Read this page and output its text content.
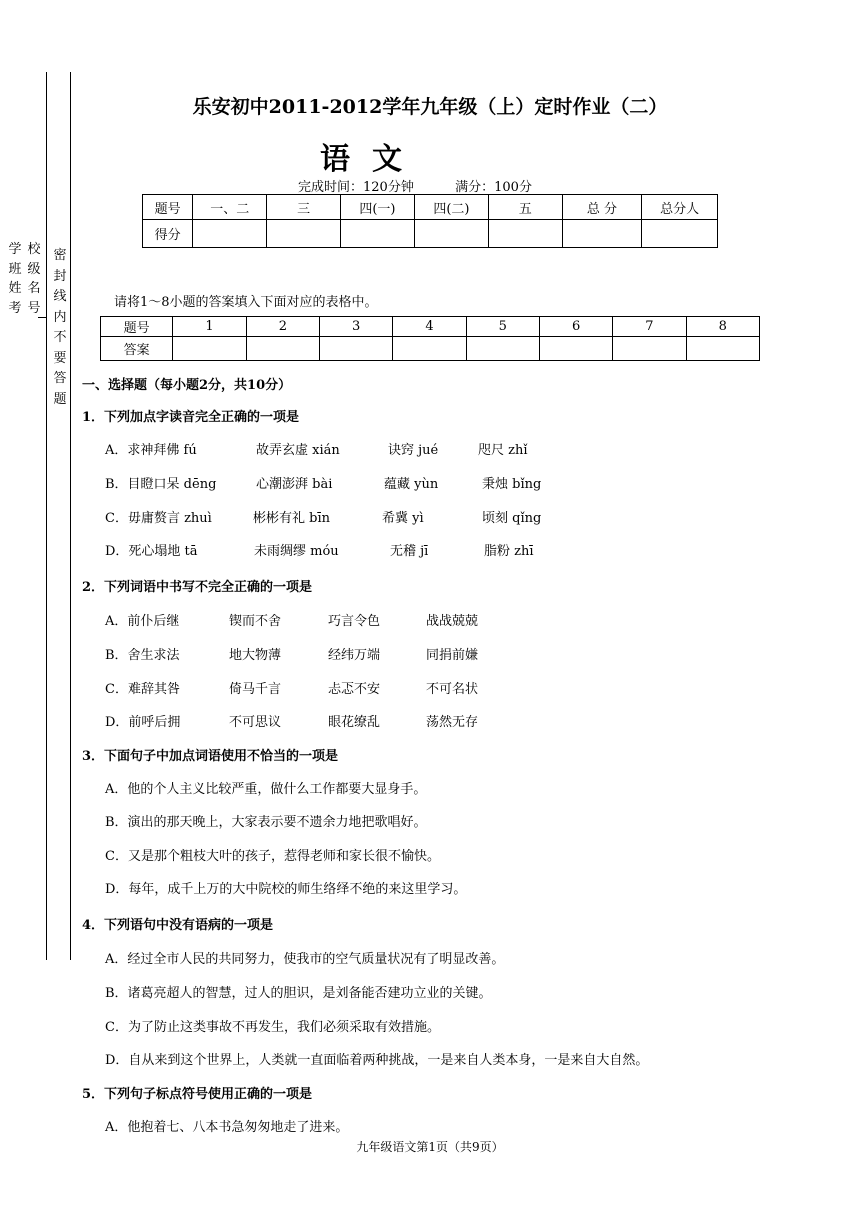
学
班
姓
考
校
级
名
号
密
封
线
内
不
要
答
题
乐安初中2011-2012学年九年级（上）定时作业（二）
语文
完成时间：120分钟          满分：100分
题号	一、二	三	四(一)	四(二)	五	总 分	总分人
得分							
请将1～8小题的答案填入下面对应的表格中。
题号	1	2	3	4	5	6	7	8
答案								
一、选择题（每小题2分，共10分）
1．下列加点字读音完全正确的一项是
A．求神拜佛 fú	故弄玄虚 xián	诀窍 jué	咫尺 zhǐ
B．目瞪口呆 dēng	心潮澎湃 bài	蕴藏 yùn	秉烛 bǐng
C．毋庸赘言 zhuì	彬彬有礼 bīn	希冀 yì	顷刻 qǐng
D．死心塌地 tā	未雨绸缪 móu	无稽 jī	脂粉 zhī
2．下列词语中书写不完全正确的一项是
A．前仆后继	锲而不舍	巧言令色	战战兢兢
B．舍生求法	地大物薄	经纬万端	同捐前嫌
C．难辞其咎	倚马千言	忐忑不安	不可名状
D．前呼后拥	不可思议	眼花缭乱	荡然无存
3．下面句子中加点词语使用不恰当的一项是
A．他的个人主义比较严重，做什么工作都要大显身手。
B．演出的那天晚上，大家表示要不遗余力地把歌唱好。
C．又是那个粗枝大叶的孩子，惹得老师和家长很不愉快。
D．每年，成千上万的大中院校的师生络绎不绝的来这里学习。
4．下列语句中没有语病的一项是
A．经过全市人民的共同努力，使我市的空气质量状况有了明显改善。
B．诸葛亮超人的智慧，过人的胆识，是刘备能否建功立业的关键。
C．为了防止这类事故不再发生，我们必须采取有效措施。
D．自从来到这个世界上，人类就一直面临着两种挑战，一是来自人类本身，一是来自大自然。
5．下列句子标点符号使用正确的一项是
A．他抱着七、八本书急匆匆地走了进来。
九年级语文第1页（共9页）
